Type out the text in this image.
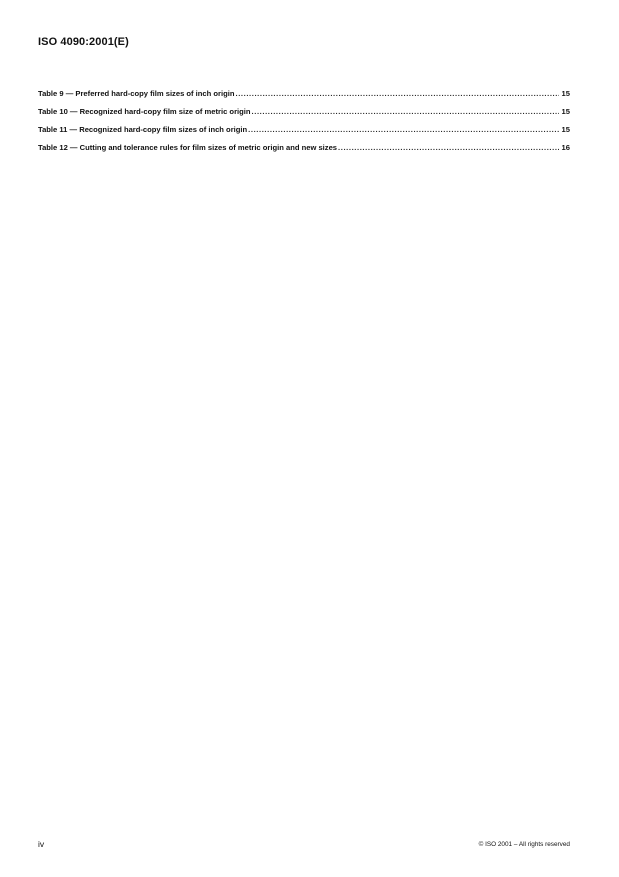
ISO 4090:2001(E)
Table 9 — Preferred hard-copy film sizes of inch origin .....	15
Table 10 — Recognized hard-copy film size of metric origin .....	15
Table 11 — Recognized hard-copy film sizes of inch origin .....	15
Table 12 — Cutting and tolerance rules for film sizes of metric origin and new sizes .....	16
iv	© ISO 2001 – All rights reserved
